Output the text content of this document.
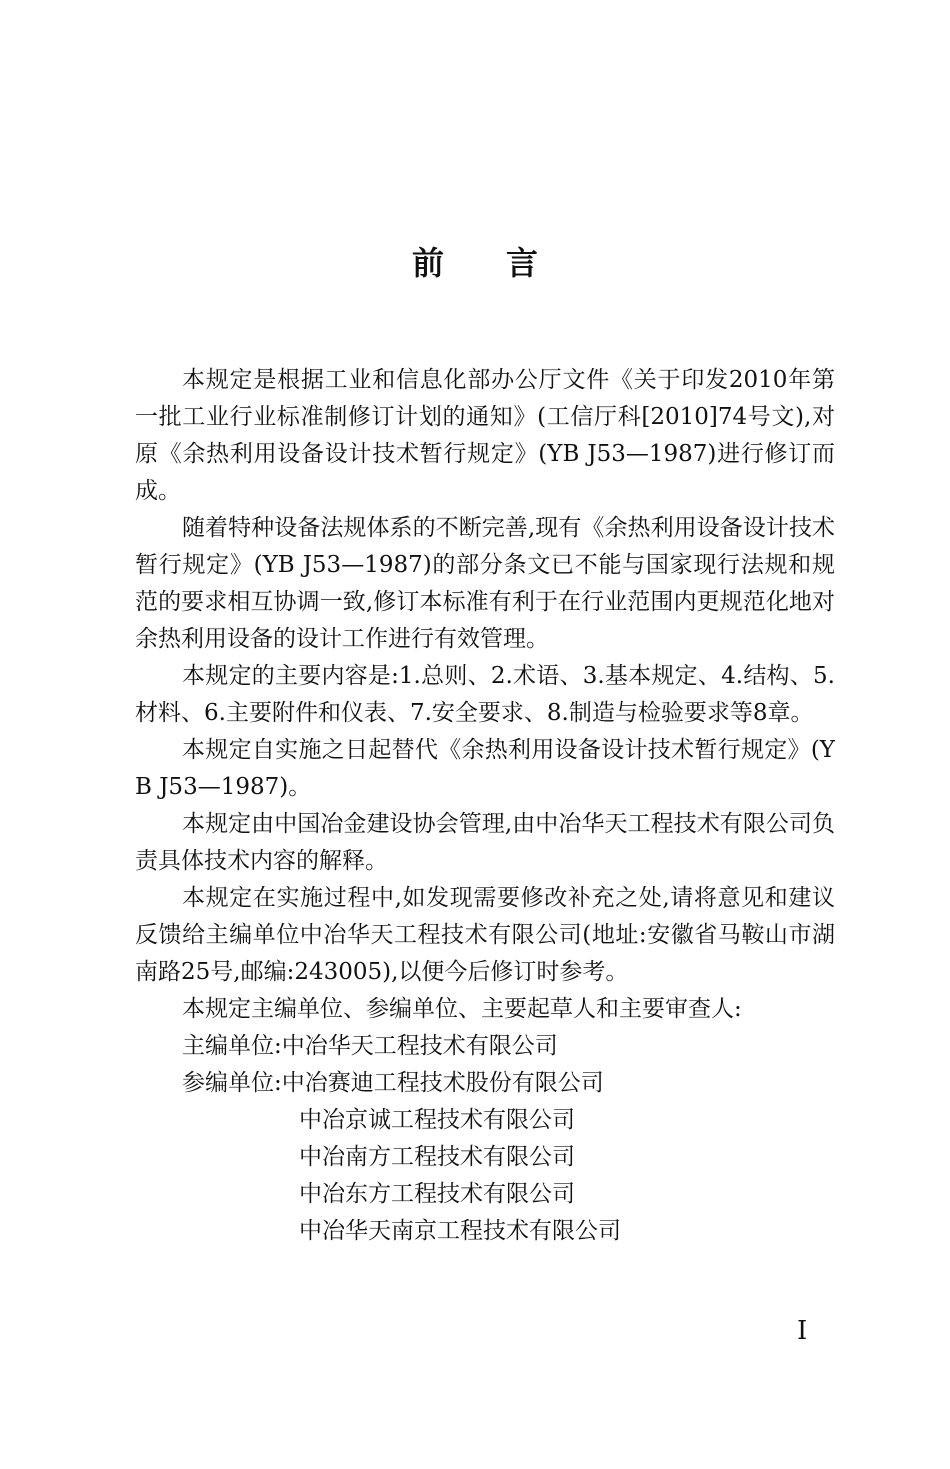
前言

本规定是根据工业和信息化部办公厅文件《关于印发2010年第一批工业行业标准制修订计划的通知》(工信厅科[2010]74号文),对原《余热利用设备设计技术暂行规定》(YB J53—1987)进行修订而成。

随着特种设备法规体系的不断完善,现有《余热利用设备设计技术暂行规定》(YB J53—1987)的部分条文已不能与国家现行法规和规范的要求相互协调一致,修订本标准有利于在行业范围内更规范化地对余热利用设备的设计工作进行有效管理。

本规定的主要内容是:1.总则、2.术语、3.基本规定、4.结构、5.材料、6.主要附件和仪表、7.安全要求、8.制造与检验要求等8章。

本规定自实施之日起替代《余热利用设备设计技术暂行规定》(YB J53—1987)。

本规定由中国冶金建设协会管理,由中冶华天工程技术有限公司负责具体技术内容的解释。

本规定在实施过程中,如发现需要修改补充之处,请将意见和建议反馈给主编单位中冶华天工程技术有限公司(地址:安徽省马鞍山市湖南路25号,邮编:243005),以便今后修订时参考。

本规定主编单位、参编单位、主要起草人和主要审查人:

主编单位:中冶华天工程技术有限公司

参编单位:中冶赛迪工程技术股份有限公司

中冶京诚工程技术有限公司

中冶南方工程技术有限公司

中冶东方工程技术有限公司

中冶华天南京工程技术有限公司

I
